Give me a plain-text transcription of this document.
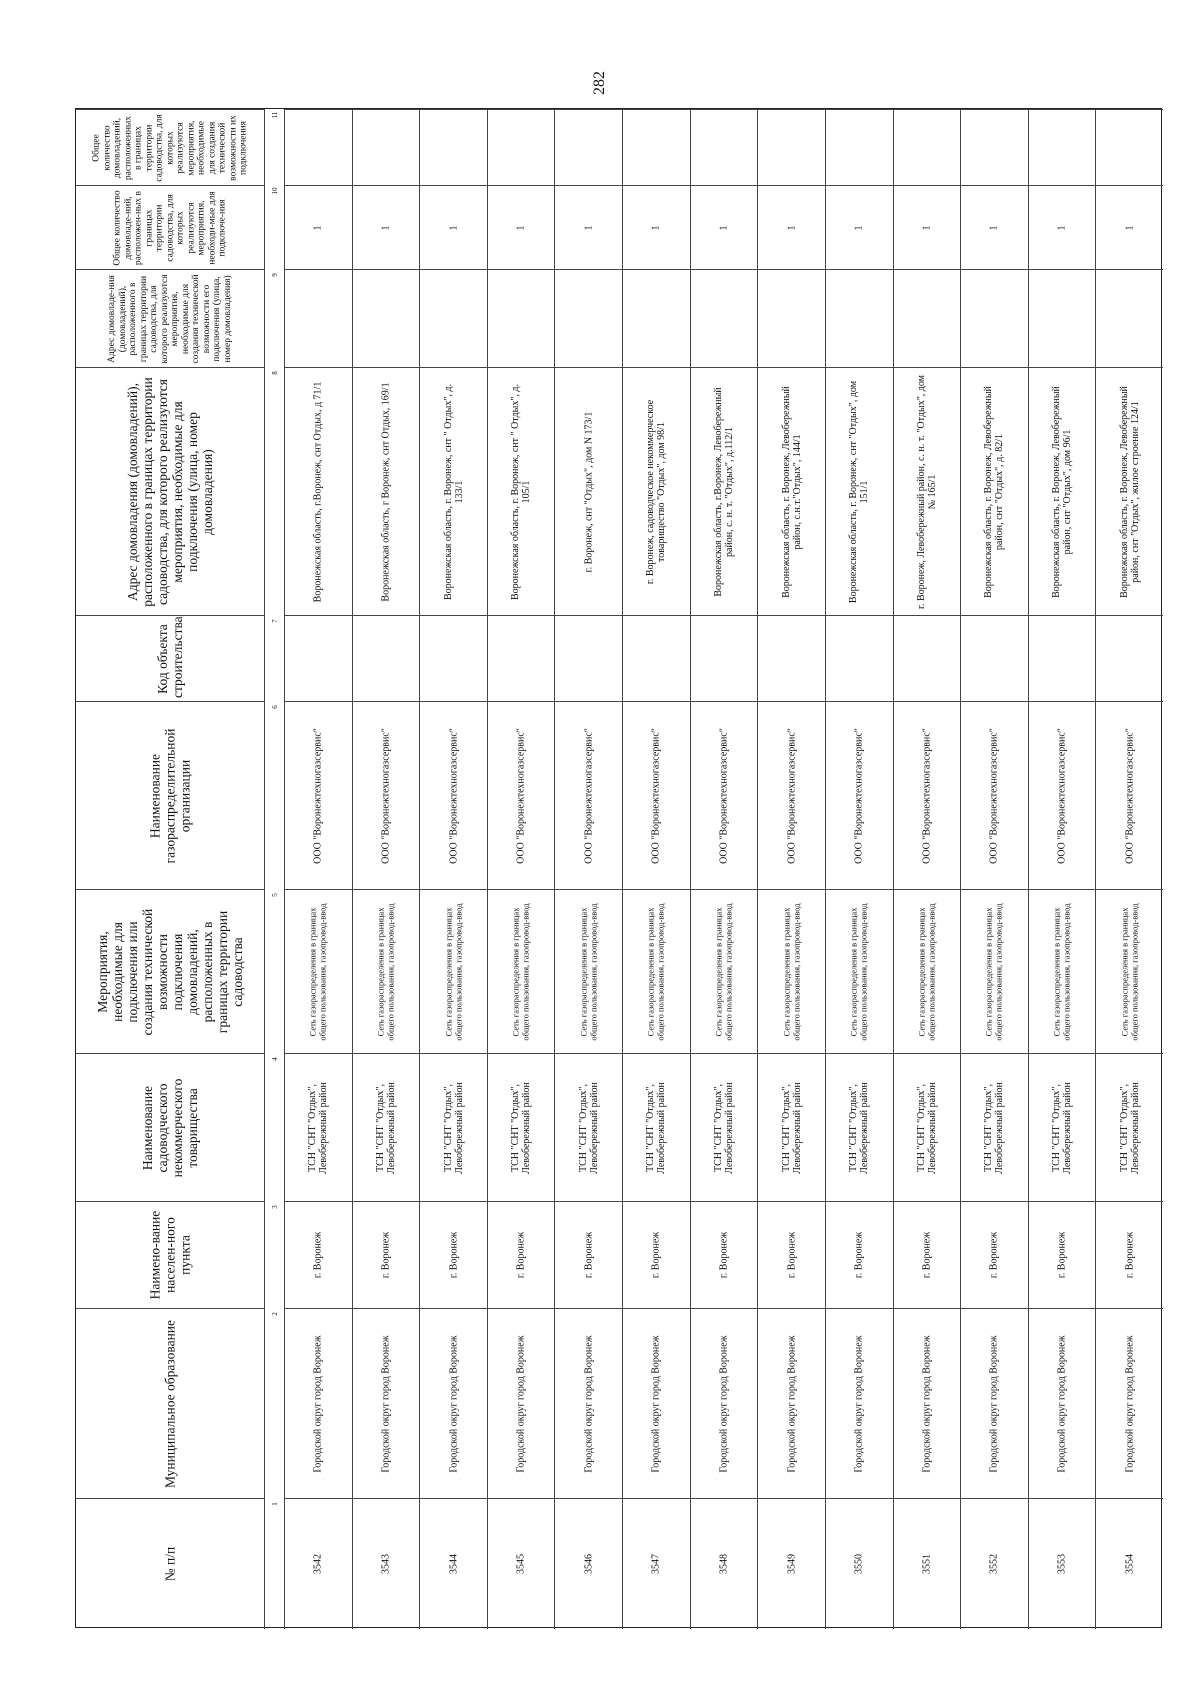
282
№ п/п
Муниципальное образование
Наимено-вание населен-ного пункта
Наименование садоводческого некоммерческого товарищества
Мероприятия, необходимые для подключения или создания технической возможности подключения домовладений, расположенных в границах территории садоводства
Наименование газораспределительной организации
Код объекта строительства
Адрес домовладения (домовладений), расположенного в границах территории садоводства, для которого реализуются мероприятия, необходимые для подключения (улица, номер домовладения)
Адрес домовладе-ния (домовладений), расположенного в границах территории садоводства, для которого реализуются мероприятия, необходимые для создания технической возможности его подключения (улица, номер домовладения)
Общее количество домовладе-ний, расположен-ных в границах территории садоводства, для которых реализуются мероприятия, необходи-мые для подключе-ния
Общее количество домовладений, расположенных в границах территории садоводства, для которых реализуются мероприятия, необходимые для создания технической возможности их подключения
1
2
3
4
5
6
7
8
9
10
11
3542
Городской округ город Воронеж
г. Воронеж
ТСН "СНТ "Отдых", Левобережный район
Сеть газораспределения в границах общего пользования, газопровод-ввод
ООО "Воронежтехногазсервис"
Воронежская область, г.Воронеж, снт Отдых, д 71/1
1
3543
Городской округ город Воронеж
г. Воронеж
ТСН "СНТ "Отдых", Левобережный район
Сеть газораспределения в границах общего пользования, газопровод-ввод
ООО "Воронежтехногазсервис"
Воронежская область, г Воронеж, снт Отдых, 169/1
1
3544
Городской округ город Воронеж
г. Воронеж
ТСН "СНТ "Отдых", Левобережный район
Сеть газораспределения в границах общего пользования, газопровод-ввод
ООО "Воронежтехногазсервис"
Воронежская область, г. Воронеж, снт " Отдых", д. 133/1
1
3545
Городской округ город Воронеж
г. Воронеж
ТСН "СНТ "Отдых", Левобережный район
Сеть газораспределения в границах общего пользования, газопровод-ввод
ООО "Воронежтехногазсервис"
Воронежская область, г. Воронеж, снт " Отдых", д. 105/1
1
3546
Городской округ город Воронеж
г. Воронеж
ТСН "СНТ "Отдых", Левобережный район
Сеть газораспределения в границах общего пользования, газопровод-ввод
ООО "Воронежтехногазсервис"
г. Воронеж, снт "Отдых", дом N 173/1
1
3547
Городской округ город Воронеж
г. Воронеж
ТСН "СНТ "Отдых", Левобережный район
Сеть газораспределения в границах общего пользования, газопровод-ввод
ООО "Воронежтехногазсервис"
г. Воронеж, садоводческое некоммерческое товарищество "Отдых", дом 98/1
1
3548
Городской округ город Воронеж
г. Воронеж
ТСН "СНТ "Отдых", Левобережный район
Сеть газораспределения в границах общего пользования, газопровод-ввод
ООО "Воронежтехногазсервис"
Воронежская область, г.Воронеж, Левобережный район, с. н. т. "Отдых", д.112/1
1
3549
Городской округ город Воронеж
г. Воронеж
ТСН "СНТ "Отдых", Левобережный район
Сеть газораспределения в границах общего пользования, газопровод-ввод
ООО "Воронежтехногазсервис"
Воронежская область, г. Воронеж, Левобережный район, с.н.т."Отдых", 144/1
1
3550
Городской округ город Воронеж
г. Воронеж
ТСН "СНТ "Отдых", Левобережный район
Сеть газораспределения в границах общего пользования, газопровод-ввод
ООО "Воронежтехногазсервис"
Воронежская область, г. Воронеж, снт "Отдых", дом 151/1
1
3551
Городской округ город Воронеж
г. Воронеж
ТСН "СНТ "Отдых", Левобережный район
Сеть газораспределения в границах общего пользования, газопровод-ввод
ООО "Воронежтехногазсервис"
г. Воронеж, Левобережный район, с. н. т. "Отдых", дом № 165/1
1
3552
Городской округ город Воронеж
г. Воронеж
ТСН "СНТ "Отдых", Левобережный район
Сеть газораспределения в границах общего пользования, газопровод-ввод
ООО "Воронежтехногазсервис"
Воронежская область, г. Воронеж, Левобережный район, снт "Отдых", д. 82/1
1
3553
Городской округ город Воронеж
г. Воронеж
ТСН "СНТ "Отдых", Левобережный район
Сеть газораспределения в границах общего пользования, газопровод-ввод
ООО "Воронежтехногазсервис"
Воронежская область, г. Воронеж, Левобережный район, снт "Отдых", дом 96/1
1
3554
Городской округ город Воронеж
г. Воронеж
ТСН "СНТ "Отдых", Левобережный район
Сеть газораспределения в границах общего пользования, газопровод-ввод
ООО "Воронежтехногазсервис"
Воронежская область, г. Воронеж, Левобережный район, снт "Отдых", жилое строение 124/1
1
